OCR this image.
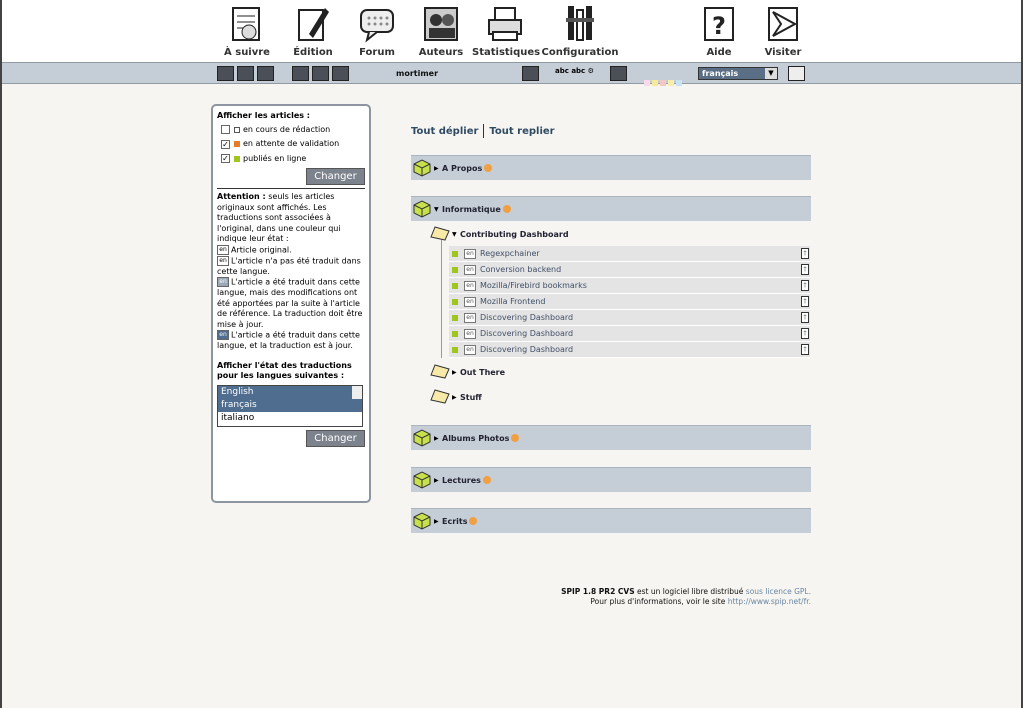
À suivre	Édition	Forum	Auteurs Statistiques Configuration
?
Aide	Visiter
mortimer	abc abc ⚙	français	▼
Afficher les articles :
en cours de rédaction
✓ en attente de validation
✓ publiés en ligne
Changer
Attention : seuls les articles originaux sont affichés. Les traductions sont associées à l'original, dans une couleur qui indique leur état :
en Article original.
en L'article n'a pas été traduit dans cette langue.
en L'article a été traduit dans cette langue, mais des modifications ont été apportées par la suite à l'article de référence. La traduction doit être mise à jour.
en L'article a été traduit dans cette langue, et la traduction est à jour.
Afficher l'état des traductions pour les langues suivantes :
English
français
italiano
Changer
Tout déplier Tout replier
▶ A Propos
▼ Informatique
▼ Contributing Dashboard
en Regexpchainer	†
en Conversion backend	†
en Mozilla/Firebird bookmarks	†
en Mozilla Frontend	†
en Discovering Dashboard	†
en Discovering Dashboard	†
en Discovering Dashboard	†
▶ Out There
▶ Stuff
▶ Albums Photos
▶ Lectures
▶ Ecrits
SPIP 1.8 PR2 CVS est un logiciel libre distribué sous licence GPL.
Pour plus d'informations, voir le site http://www.spip.net/fr.
